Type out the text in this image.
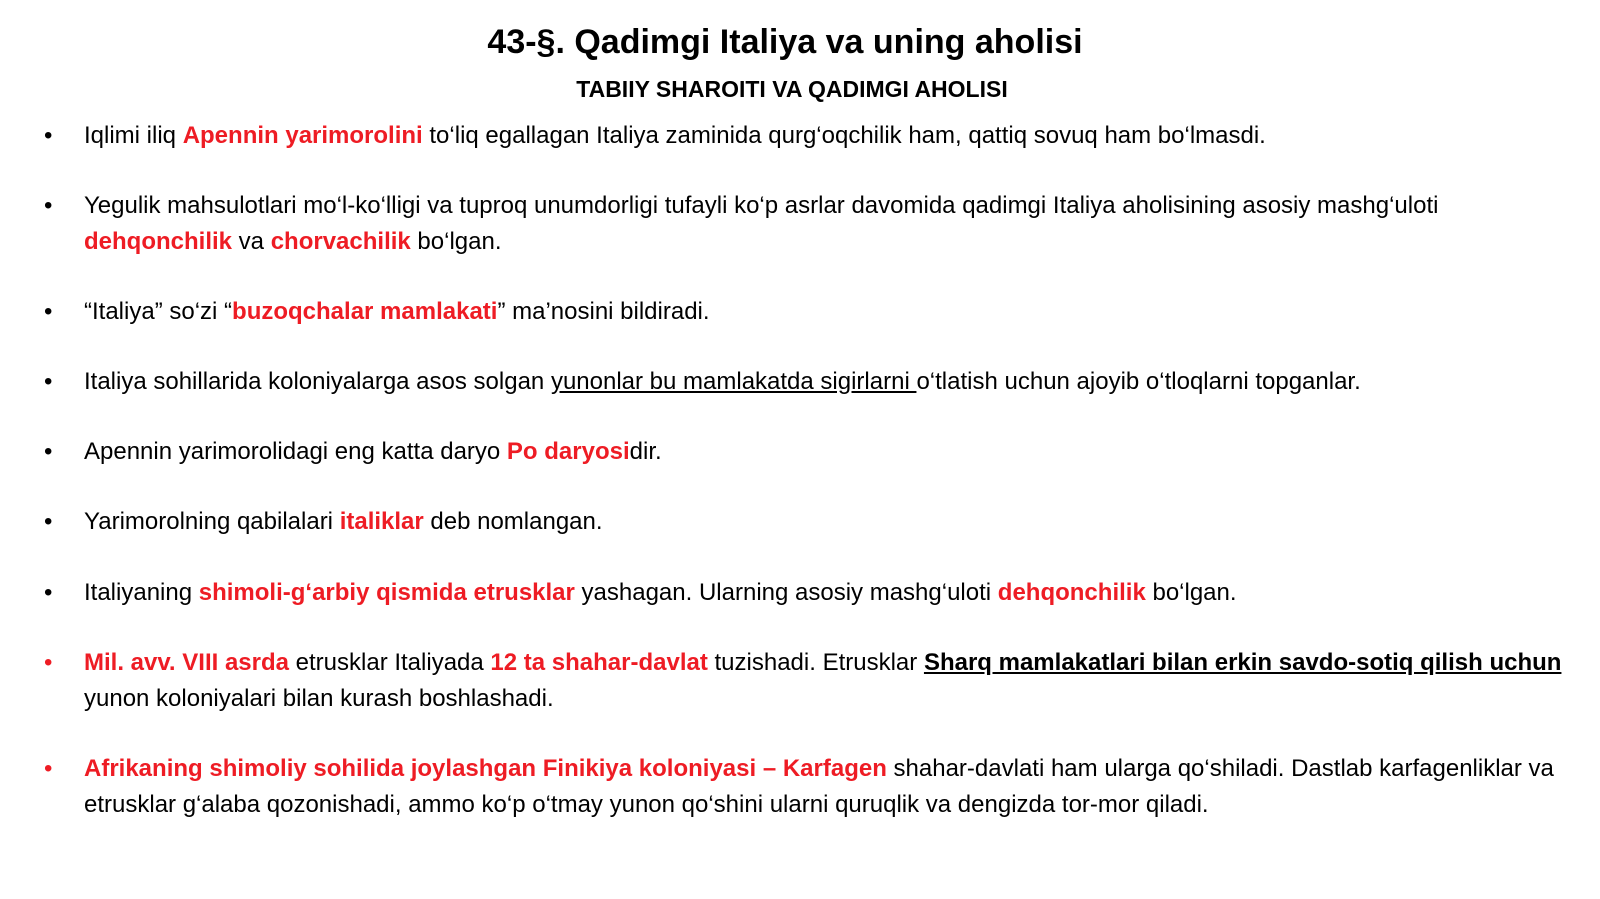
43-§. Qadimgi Italiya va uning aholisi
TABIIY SHAROITI VA QADIMGI AHOLISI
•	Iqlimi iliq Apennin yarimorolini to‘liq egallagan Italiya zaminida qurg‘oqchilik ham, qattiq sovuq ham bo‘lmasdi.
•	Yegulik mahsulotlari mo‘l-ko‘lligi va tuproq unumdorligi tufayli ko‘p asrlar davomida qadimgi Italiya aholisining asosiy mashg‘uloti dehqonchilik va chorvachilik bo‘lgan.
•	“Italiya” so‘zi “buzoqchalar mamlakati” ma’nosini bildiradi.
•	Italiya sohillarida koloniyalarga asos solgan yunonlar bu mamlakatda sigirlarni o‘tlatish uchun ajoyib o‘tloqlarni topganlar.
•	Apennin yarimorolidagi eng katta daryo Po daryosidir.
•	Yarimorolning qabilalari italiklar deb nomlangan.
•	Italiyaning shimoli-g‘arbiy qismida etrusklar yashagan. Ularning asosiy mashg‘uloti dehqonchilik bo‘lgan.
•	Mil. avv. VIII asrda etrusklar Italiyada 12 ta shahar-davlat tuzishadi. Etrusklar Sharq mamlakatlari bilan erkin savdo-sotiq qilish uchun yunon koloniyalari bilan kurash boshlashadi.
•	Afrikaning shimoliy sohilida joylashgan Finikiya koloniyasi – Karfagen shahar-davlati ham ularga qo‘shiladi. Dastlab karfagenliklar va etrusklar g‘alaba qozonishadi, ammo ko‘p o‘tmay yunon qo‘shini ularni quruqlik va dengizda tor-mor qiladi.
